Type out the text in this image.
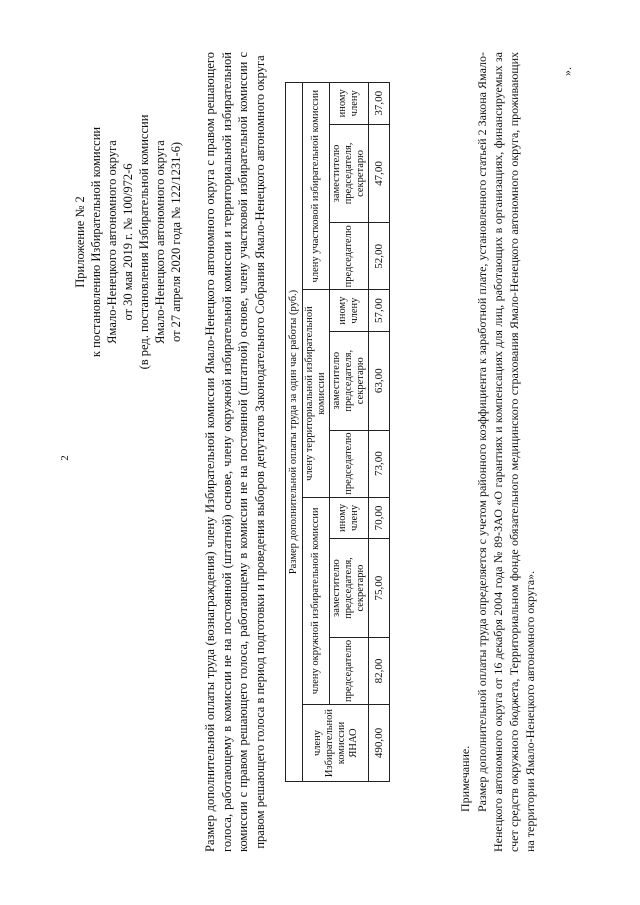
2
Приложение № 2 к постановлению Избирательной комиссии Ямало-Ненецкого автономного округа от 30 мая 2019 г. № 100/972-6 (в ред. постановления Избирательной комиссии Ямало-Ненецкого автономного округа от 27 апреля 2020 года № 122/1231-6) Размер дополнительной оплаты труда (вознаграждения) члену Избирательной комиссии Ямало-Ненецкого автономного округа с правом решающего голоса, работающему в комиссии не на постоянной (штатной) основе, члену окружной избирательной комиссии и территориальной избирательной комиссии с правом решающего голоса, работающему в комиссии не на постоянной (штатной) основе, члену участковой избирательной комиссии с правом решающего голоса в период подготовки и проведения выборов депутатов Законодательного Собрания Ямало-Ненецкого автономного округа Размер дополнительной оплаты труда за один час работы (руб.)									
члену Избирательной комиссии ЯНАО	члену окружной избирательной комиссии			члену территориальной избирательной комиссии			члену участковой избирательной комиссии		
	председателю	заместителю председателя, секретарю	иному члену	председателю	заместителю председателя, секретарю	иному члену	председателю	заместителю председателя, секретарю	иному члену
490,00	82,00	75,00	70,00	73,00	63,00	57,00	52,00	47,00	37,00
Примечание. Размер дополнительной оплаты труда определяется с учетом районного коэффициента к заработной плате, установленного статьей 2 Закона Ямало-Ненецкого автономного округа от 16 декабря 2004 года № 89-ЗАО «О гарантиях и компенсациях для лиц, работающих в организациях, финансируемых за счет средств окружного бюджета, Территориальном фонде обязательного медицинского страхования Ямало-Ненецкого автономного округа, проживающих на территории Ямало-Ненецкого автономного округа».
».
